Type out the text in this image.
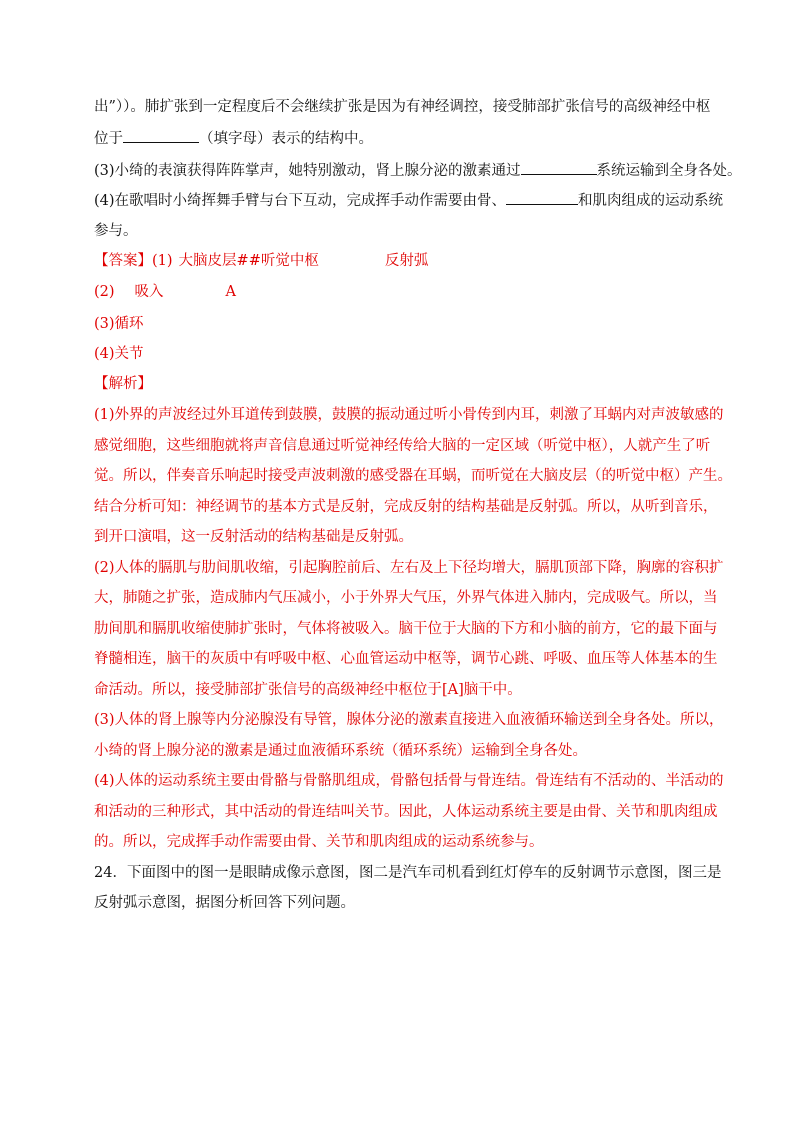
出”））。肺扩张到一定程度后不会继续扩张是因为有神经调控，接受肺部扩张信号的高级神经中枢
位于	（填字母）表示的结构中。
(3)小绮的表演获得阵阵掌声，她特别激动，肾上腺分泌的激素通过	系统运输到全身各处。
(4)在歌唱时小绮挥舞手臂与台下互动，完成挥手动作需要由骨、	和肌肉组成的运动系统
参与。
【答案】(1) 大脑皮层##听觉中枢	反射弧
(2) 吸入	A
(3)循环
(4)关节
【解析】
(1)外界的声波经过外耳道传到鼓膜，鼓膜的振动通过听小骨传到内耳，刺激了耳蜗内对声波敏感的
感觉细胞，这些细胞就将声音信息通过听觉神经传给大脑的一定区域（听觉中枢），人就产生了听
觉。所以，伴奏音乐响起时接受声波刺激的感受器在耳蜗，而听觉在大脑皮层（的听觉中枢）产生。
结合分析可知：神经调节的基本方式是反射，完成反射的结构基础是反射弧。所以，从听到音乐，
到开口演唱，这一反射活动的结构基础是反射弧。
(2)人体的膈肌与肋间肌收缩，引起胸腔前后、左右及上下径均增大，膈肌顶部下降，胸廓的容积扩
大，肺随之扩张，造成肺内气压减小，小于外界大气压，外界气体进入肺内，完成吸气。所以，当
肋间肌和膈肌收缩使肺扩张时，气体将被吸入。脑干位于大脑的下方和小脑的前方，它的最下面与
脊髓相连，脑干的灰质中有呼吸中枢、心血管运动中枢等，调节心跳、呼吸、血压等人体基本的生
命活动。所以，接受肺部扩张信号的高级神经中枢位于[A]脑干中。
(3)人体的肾上腺等内分泌腺没有导管，腺体分泌的激素直接进入血液循环输送到全身各处。所以，
小绮的肾上腺分泌的激素是通过血液循环系统（循环系统）运输到全身各处。
(4)人体的运动系统主要由骨骼与骨骼肌组成，骨骼包括骨与骨连结。骨连结有不活动的、半活动的
和活动的三种形式，其中活动的骨连结叫关节。因此，人体运动系统主要是由骨、关节和肌肉组成
的。所以，完成挥手动作需要由骨、关节和肌肉组成的运动系统参与。
24．下面图中的图一是眼睛成像示意图，图二是汽车司机看到红灯停车的反射调节示意图，图三是
反射弧示意图，据图分析回答下列问题。
